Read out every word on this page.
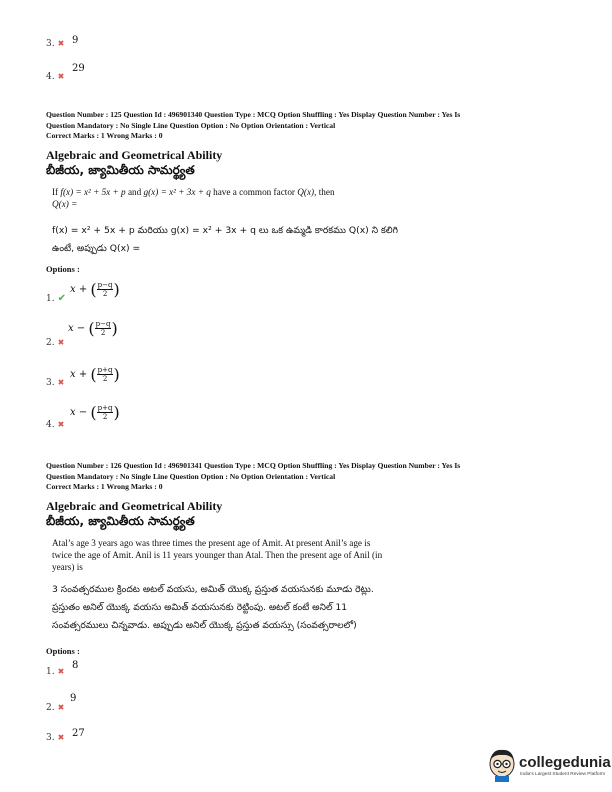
3. ✖ 9
4. ✖
29
Question Number : 125 Question Id : 496901340 Question Type : MCQ Option Shuffling : Yes Display Question Number : Yes Is
Question Mandatory : No Single Line Question Option : No Option Orientation : Vertical
Correct Marks : 1 Wrong Marks : 0
Algebraic and Geometrical Ability
బీజీయ, జ్యామితీయ సామర్థ్యత
If f(x) = x² + 5x + p and g(x) = x² + 3x + q have a common factor Q(x), then
Q(x) =
f(x) = x² + 5x + p మరియు g(x) = x² + 3x + q లు ఒక ఉమ్మడి కారకము Q(x) ని కలిగి
ఉంటే, అప్పుడు Q(x) =
Options :
1. ✔
x + ( $\frac{p-q}{2}$ )
2. ✖
x − ( $\frac{p-q}{2}$ )
3. ✖
x + ( $\frac{p+q}{2}$ )
4. ✖
x − ( $\frac{p+q}{2}$ )
Question Number : 126 Question Id : 496901341 Question Type : MCQ Option Shuffling : Yes Display Question Number : Yes Is
Question Mandatory : No Single Line Question Option : No Option Orientation : Vertical
Correct Marks : 1 Wrong Marks : 0
Algebraic and Geometrical Ability
బీజీయ, జ్యామితీయ సామర్థ్యత
Atal’s age 3 years ago was three times the present age of Amit. At present Anil’s age is
twice the age of Amit. Anil is 11 years younger than Atal. Then the present age of Anil (in
years) is
3 సంవత్సరముల క్రిందట అటల్ వయసు, అమిత్ యొక్క ప్రస్తుత వయసునకు మూడు రెట్లు.
ప్రస్తుతం అనిల్ యొక్క వయసు అమిత్ వయసునకు రెట్టింపు. అటల్ కంటే అనిల్ 11
సంవత్సరములు చిన్నవాడు. అప్పుడు అనిల్ యొక్క ప్రస్తుత వయస్సు (సంవత్సరాలలో)
Options :
1. ✖
8
2. ✖
9
3. ✖ 27
collegedunia
India's Largest Student Review Platform
